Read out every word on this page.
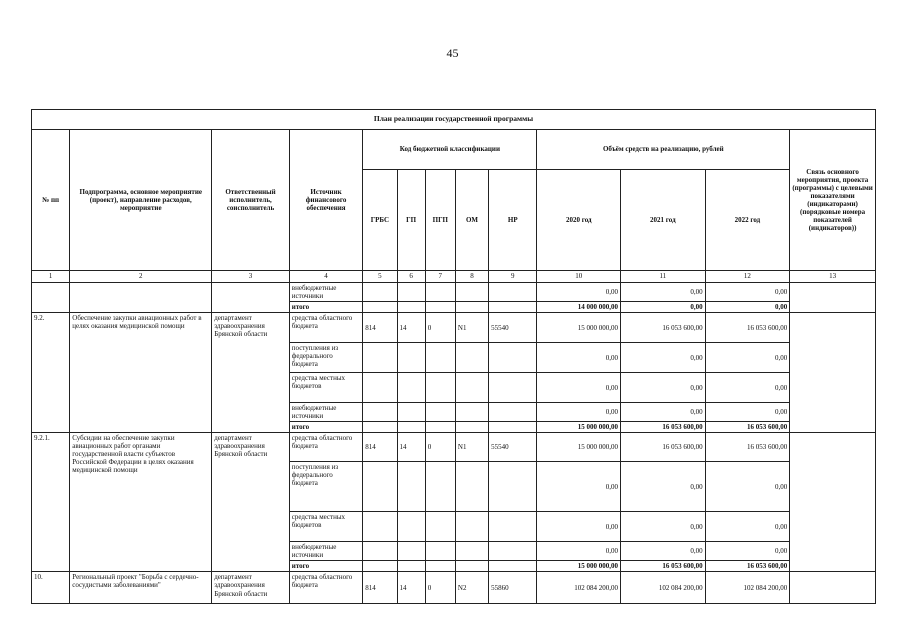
45
План реализации государственной программы												
№ пп	Подпрограмма, основное мероприятие (проект), направление расходов, мероприятие	Ответственный исполнитель, соисполнитель	Источник финансового обеспечения	Код бюджетной классификации					Объём средств на реализацию, рублей			Связь основного мероприятия, проекта (программы) с целевыми показателями (индикаторами) (порядковые номера показателей (индикаторов))
				ГРБС	ГП	ПГП	ОМ	НР	2020 год	2021 год	2022 год	
1	2	3	4	5	6	7	8	9	10	11	12	13
			внебюджетные источники						0,00	0,00	0,00	
			итого						14 000 000,00	0,00	0,00	
9.2.	Обеспечение закупки авиационных работ в целях оказания медицинской помощи	департамент здравоохранения Брянской области	средства областного бюджета	814	14	0	N1	55540	15 000 000,00	16 053 600,00	16 053 600,00	
			поступления из федерального бюджета						0,00	0,00	0,00	
			средства местных бюджетов						0,00	0,00	0,00	
			внебюджетные источники						0,00	0,00	0,00	
			итого						15 000 000,00	16 053 600,00	16 053 600,00	
9.2.1.	Субсидии на обеспечение закупки авиационных работ органами государственной власти субъектов Российской Федерации в целях оказания медицинской помощи	департамент здравоохранения Брянской области	средства областного бюджета	814	14	0	N1	55540	15 000 000,00	16 053 600,00	16 053 600,00	
			поступления из федерального бюджета						0,00	0,00	0,00	
			средства местных бюджетов						0,00	0,00	0,00	
			внебюджетные источники						0,00	0,00	0,00	
			итого						15 000 000,00	16 053 600,00	16 053 600,00	
10.	Региональный проект "Борьба с сердечно-сосудистыми заболеваниями"	департамент здравоохранения Брянской области	средства областного бюджета	814	14	0	N2	55860	102 084 200,00	102 084 200,00	102 084 200,00	
